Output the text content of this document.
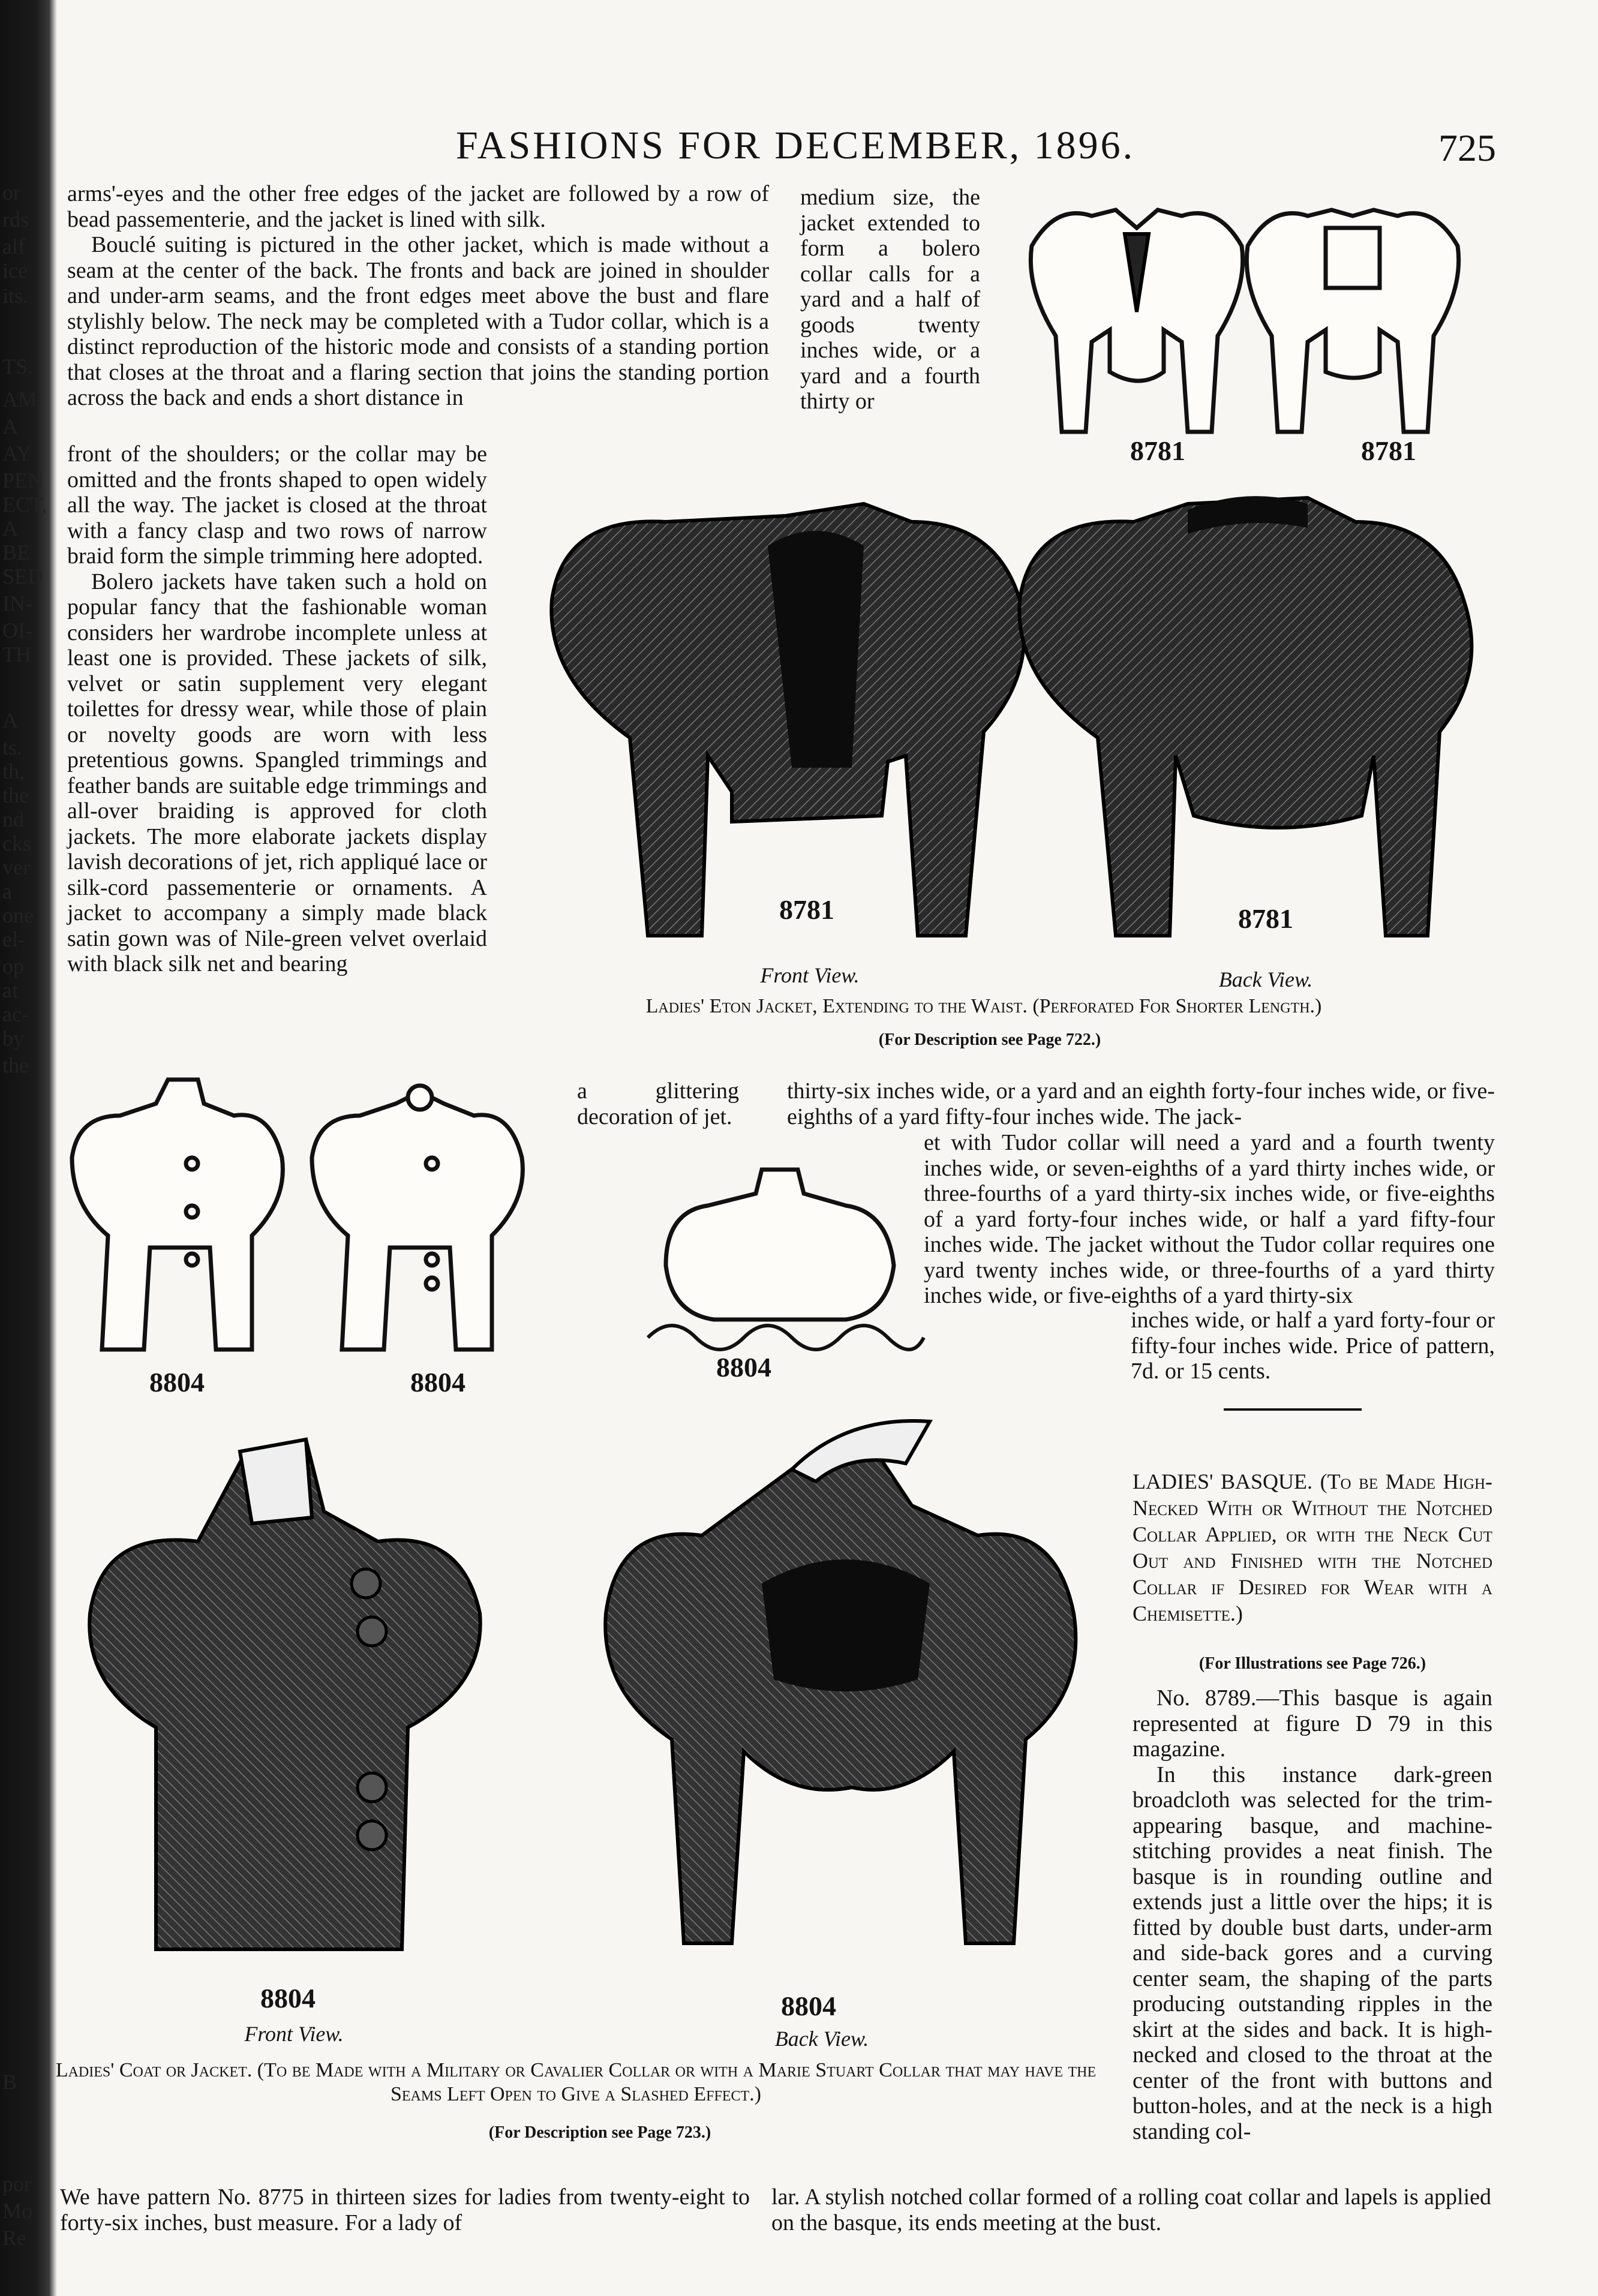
or
rds
alf
ice
its.
TS.
AM
A
AY
PEN
ECT,
A
BE
SED
IN-
OI-
TH
A
ts.
th,
the
nd
cks
ver
a
one
el-
op
at
ac-
by
the
B
por
Mo
Re
FASHIONS FOR DECEMBER, 1896.	725

arms'-eyes and the other free edges of the jacket are followed by a row of bead passementerie, and the jacket is lined with silk.

Bouclé suiting is pictured in the other jacket, which is made without a seam at the center of the back. The fronts and back are joined in shoulder and under-arm seams, and the front edges meet above the bust and flare stylishly below. The neck may be completed with a Tudor collar, which is a distinct reproduction of the historic mode and consists of a standing portion that closes at the throat and a flaring section that joins the standing portion across the back and ends a short distance in

front of the shoulders; or the collar may be omitted and the fronts shaped to open widely all the way. The jacket is closed at the throat with a fancy clasp and two rows of narrow braid form the simple trimming here adopted.

Bolero jackets have taken such a hold on popular fancy that the fashionable woman considers her wardrobe incomplete unless at least one is provided. These jackets of silk, velvet or satin supplement very elegant toilettes for dressy wear, while those of plain or novelty goods are worn with less pretentious gowns. Spangled trimmings and feather bands are suitable edge trimmings and all-over braiding is approved for cloth jackets. The more elaborate jackets display lavish decorations of jet, rich appliqué lace or silk-cord passementerie or ornaments. A jacket to accompany a simply made black satin gown was of Nile-green velvet overlaid with black silk net and bearing

medium size, the jacket extended to form a bolero collar calls for a yard and a half of goods twenty inches wide, or a yard and a fourth thirty or
8781	8781
8781	8781
Front View.	Back View.
Ladies' Eton Jacket, Extending to the Waist. (Perforated For Shorter Length.)
(For Description see Page 722.)
a glittering decoration of jet.
thirty-six inches wide, or a yard and an eighth forty-four inches wide, or five-eighths of a yard fifty-four inches wide. The jack-
et with Tudor collar will need a yard and a fourth twenty inches wide, or seven-eighths of a yard thirty inches wide, or three-fourths of a yard thirty-six inches wide, or five-eighths of a yard forty-four inches wide, or half a yard fifty-four inches wide. The jacket without the Tudor collar requires one yard twenty inches wide, or three-fourths of a yard thirty inches wide, or five-eighths of a yard thirty-six
inches wide, or half a yard forty-four or fifty-four inches wide. Price of pattern, 7d. or 15 cents.
8804	8804	8804
LADIES' BASQUE. (To be Made High-Necked With or Without the Notched Collar Applied, or with the Neck Cut Out and Finished with the Notched Collar if Desired for Wear with a Chemisette.)
(For Illustrations see Page 726.)

No. 8789.—This basque is again represented at figure D 79 in this magazine.

In this instance dark-green broadcloth was selected for the trim-appearing basque, and machine-stitching provides a neat finish. The basque is in rounding outline and extends just a little over the hips; it is fitted by double bust darts, under-arm and side-back gores and a curving center seam, the shaping of the parts producing outstanding ripples in the skirt at the sides and back. It is high-necked and closed to the throat at the center of the front with buttons and button-holes, and at the neck is a high standing col-

8804	8804
Front View.	Back View.
Ladies' Coat or Jacket. (To be Made with a Military or Cavalier Collar or with a Marie Stuart Collar that may have the Seams Left Open to Give a Slashed Effect.)
(For Description see Page 723.)
We have pattern No. 8775 in thirteen sizes for ladies from twenty-eight to forty-six inches, bust measure. For a lady of
lar. A stylish notched collar formed of a rolling coat collar and lapels is applied on the basque, its ends meeting at the bust.
